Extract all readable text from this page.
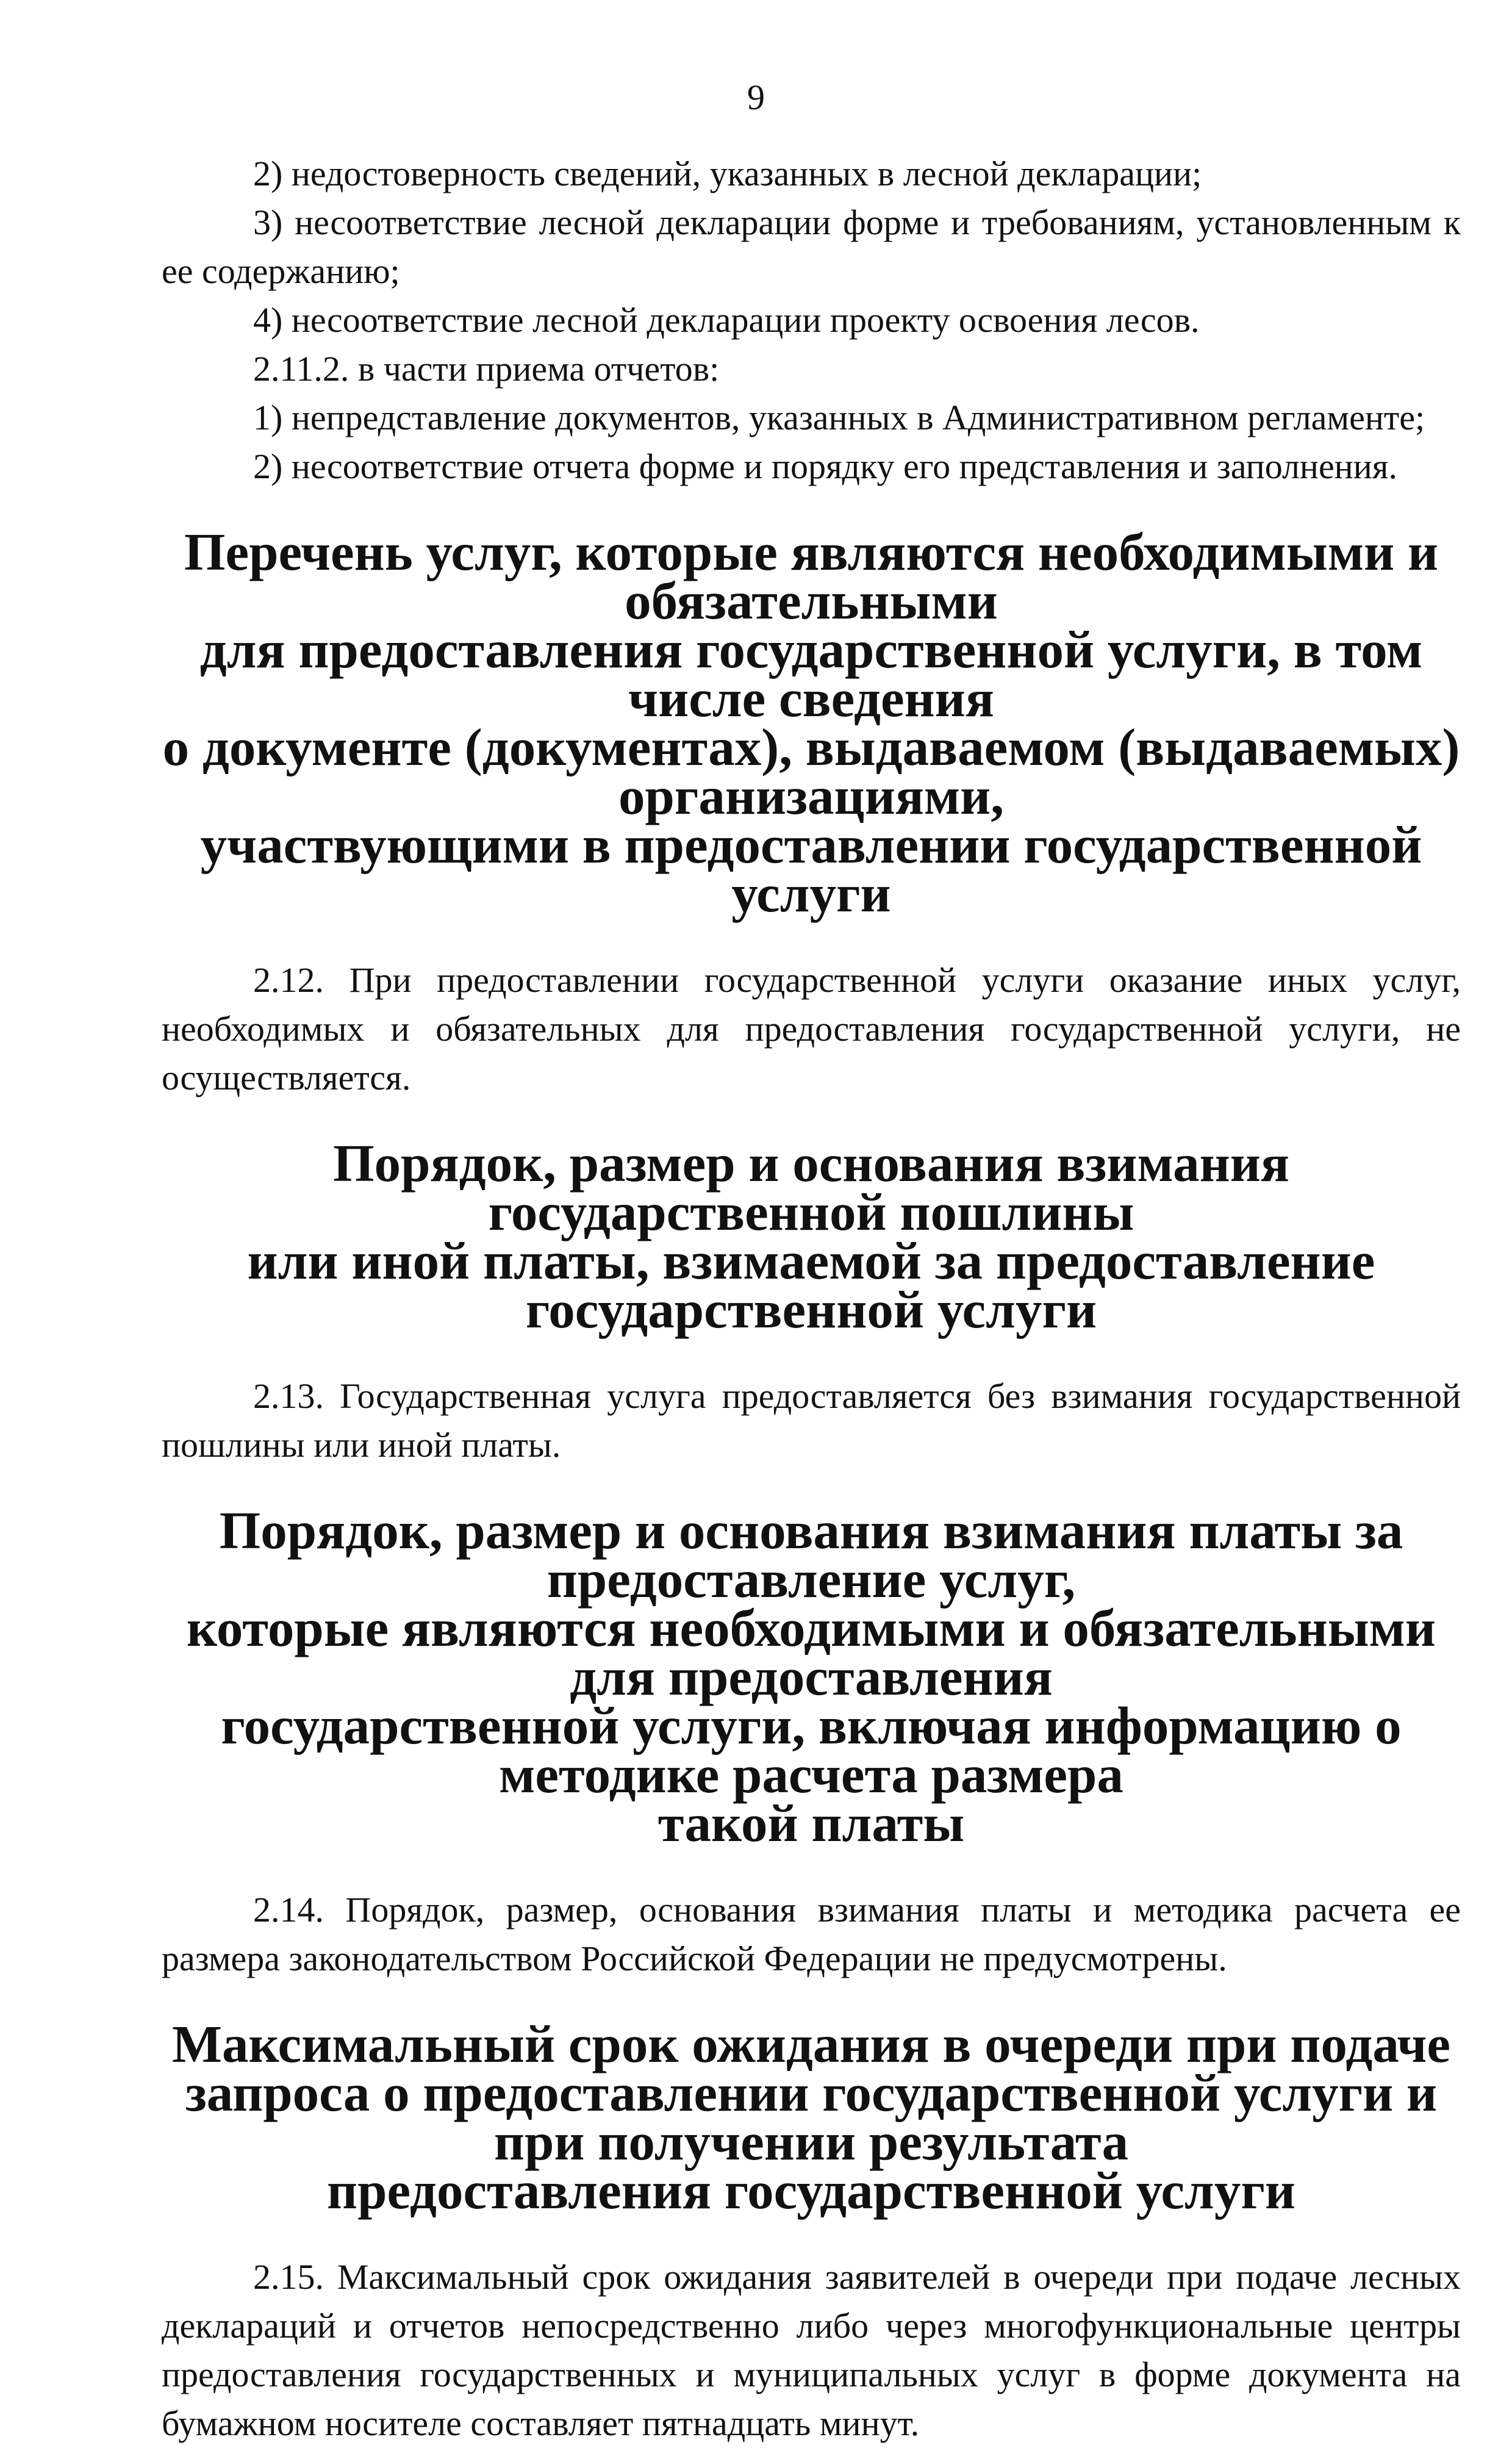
9

2) недостоверность сведений, указанных в лесной декларации;

3) несоответствие лесной декларации форме и требованиям, установленным к ее содержанию;

4) несоответствие лесной декларации проекту освоения лесов.

2.11.2. в части приема отчетов:

1) непредставление документов, указанных в Административном регламенте;

2) несоответствие отчета форме и порядку его представления и заполнения.

Перечень услуг, которые являются необходимыми и обязательными
для предоставления государственной услуги, в том числе сведения
о документе (документах), выдаваемом (выдаваемых) организациями,
участвующими в предоставлении государственной услуги

2.12. При предоставлении государственной услуги оказание иных услуг, необходимых и обязательных для предоставления государственной услуги, не осуществляется.

Порядок, размер и основания взимания государственной пошлины
или иной платы, взимаемой за предоставление государственной услуги

2.13. Государственная услуга предоставляется без взимания государственной пошлины или иной платы.

Порядок, размер и основания взимания платы за предоставление услуг,
которые являются необходимыми и обязательными для предоставления
государственной услуги, включая информацию о методике расчета размера
такой платы

2.14. Порядок, размер, основания взимания платы и методика расчета ее размера законодательством Российской Федерации не предусмотрены.

Максимальный срок ожидания в очереди при подаче
запроса о предоставлении государственной услуги и при получении результата
предоставления государственной услуги

2.15. Максимальный срок ожидания заявителей в очереди при подаче лесных деклараций и отчетов непосредственно либо через многофункциональные центры предоставления государственных и муниципальных услуг в форме документа на бумажном носителе составляет пятнадцать минут.
